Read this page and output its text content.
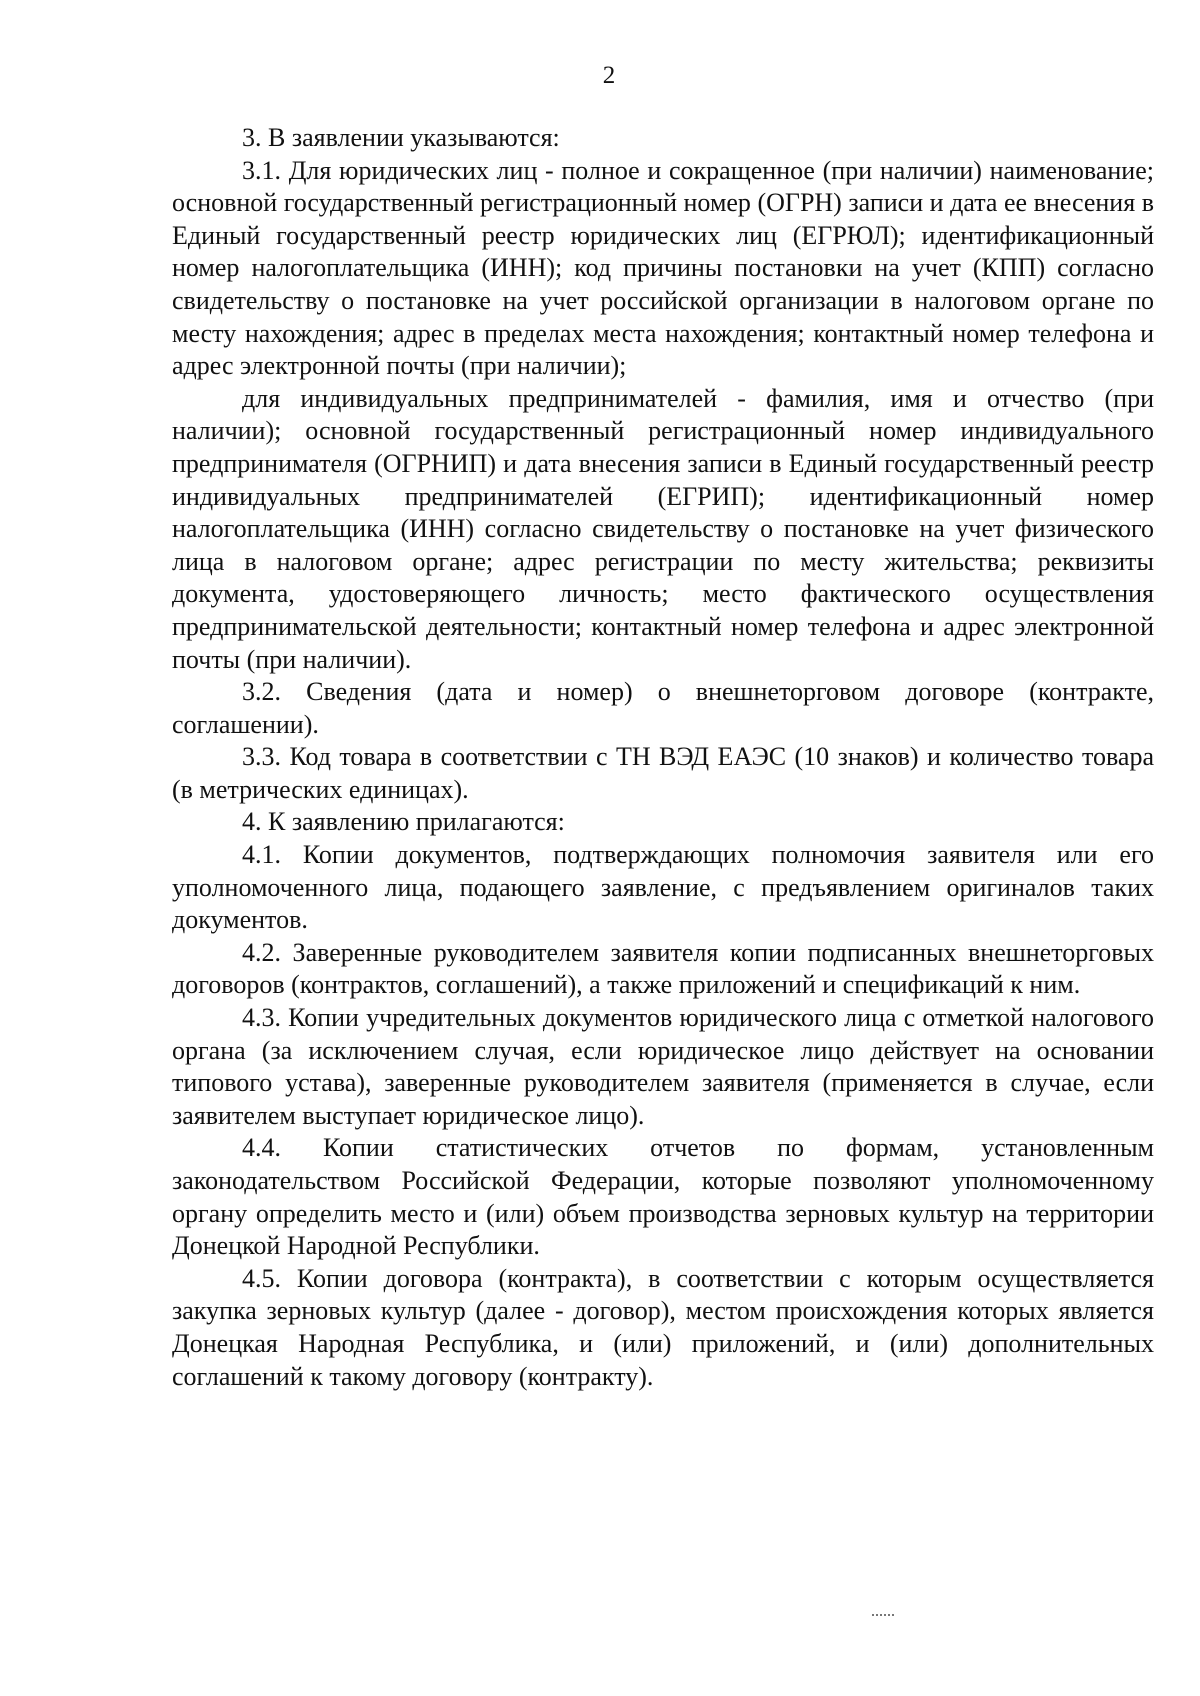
2

3. В заявлении указываются:

3.1. Для юридических лиц - полное и сокращенное (при наличии) наименование; основной государственный регистрационный номер (ОГРН) записи и дата ее внесения в Единый государственный реестр юридических лиц (ЕГРЮЛ); идентификационный номер налогоплательщика (ИНН); код причины постановки на учет (КПП) согласно свидетельству о постановке на учет российской организации в налоговом органе по месту нахождения; адрес в пределах места нахождения; контактный номер телефона и адрес электронной почты (при наличии);

для индивидуальных предпринимателей - фамилия, имя и отчество (при наличии); основной государственный регистрационный номер индивидуального предпринимателя (ОГРНИП) и дата внесения записи в Единый государственный реестр индивидуальных предпринимателей (ЕГРИП); идентификационный номер налогоплательщика (ИНН) согласно свидетельству о постановке на учет физического лица в налоговом органе; адрес регистрации по месту жительства; реквизиты документа, удостоверяющего личность; место фактического осуществления предпринимательской деятельности; контактный номер телефона и адрес электронной почты (при наличии).

3.2. Сведения (дата и номер) о внешнеторговом договоре (контракте, соглашении).

3.3. Код товара в соответствии с ТН ВЭД ЕАЭС (10 знаков) и количество товара (в метрических единицах).

4. К заявлению прилагаются:

4.1. Копии документов, подтверждающих полномочия заявителя или его уполномоченного лица, подающего заявление, с предъявлением оригиналов таких документов.

4.2. Заверенные руководителем заявителя копии подписанных внешнеторговых договоров (контрактов, соглашений), а также приложений и спецификаций к ним.

4.3. Копии учредительных документов юридического лица с отметкой налогового органа (за исключением случая, если юридическое лицо действует на основании типового устава), заверенные руководителем заявителя (применяется в случае, если заявителем выступает юридическое лицо).

4.4. Копии статистических отчетов по формам, установленным законодательством Российской Федерации, которые позволяют уполномоченному органу определить место и (или) объем производства зерновых культур на территории Донецкой Народной Республики.

4.5. Копии договора (контракта), в соответствии с которым осуществляется закупка зерновых культур (далее - договор), местом происхождения которых является Донецкая Народная Республика, и (или) приложений, и (или) дополнительных соглашений к такому договору (контракту).
